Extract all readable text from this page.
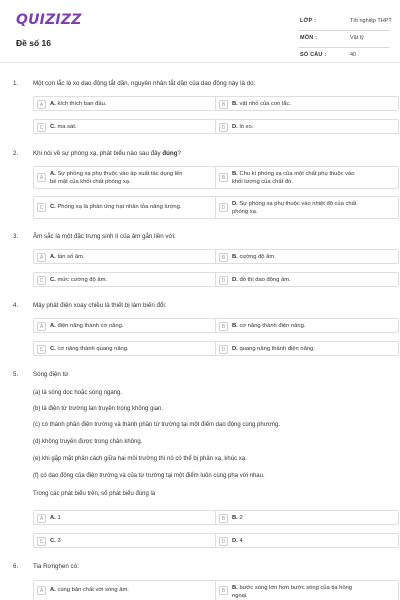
QUIZIZZ
Đề số 16
LỚP :	Tốt nghiệp THPT
MÔN :	Vật lý
SỐ CÂU :	40
1. Một con lắc lò xo dao động tắt dần, nguyên nhân tắt dần của dao động này là do:
A	A. kích thích ban đầu.	B	B. vật nhỏ của con lắc.
C	C. ma sát.	D	D. lò xo.
2. Khi nói về sự phóng xạ, phát biểu nào sau đây đúng?
A
A. Sự phóng xạ phụ thuộc vào áp suất tác dụng lên
bề mặt của khối chất phóng xạ.
B
B. Chu kì phóng xạ của một chất phụ thuộc vào
khối lượng của chất đó.
C	C. Phóng xạ là phản ứng hạt nhân tỏa năng lượng.	D
D. Sự phóng xạ phụ thuộc vào nhiệt độ của chất
phóng xạ.
3. Âm sắc là một đặc trưng sinh lí của âm gắn liền với:
A	A. tần số âm.	B	B. cường độ âm.
C	C. mức cường độ âm.	D	D. đồ thị dao động âm.
4. Máy phát điện xoay chiều là thiết bị làm biến đổi:
A	A. điện năng thành cơ năng.	B	B. cơ năng thành điện năng.
C	C. cơ năng thành quang năng.	D	D. quang năng thành điện năng.
5. Sóng điện từ
(a) là sóng dọc hoặc sóng ngang.
(b) là điện từ trường lan truyền trong không gian.
(c) có thành phần điện trường và thành phần từ trường tại một điểm dao động cùng phương.
(d) không truyền được trong chân không.
(e) khi gặp mặt phân cách giữa hai môi trường thì nó có thể bị phản xạ, khúc xạ.
(f) có dao động của điện trường và của từ trường tại một điểm luôn cùng pha với nhau.
Trong các phát biểu trên, số phát biểu đúng là
A	A. 1	B	B. 2
C	C. 3	D	D. 4
6. Tia Rơnghen có:
A	A. cùng bản chất với sóng âm.	B	B. bước sóng lớn hơn bước sóng của tia hồng
ngoại.
